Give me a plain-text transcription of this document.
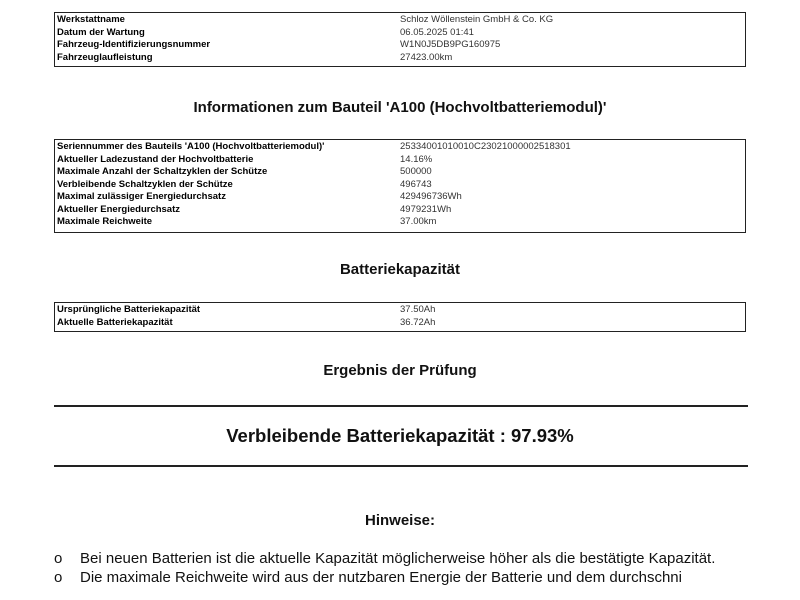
Werkstattname	Schloz Wöllenstein GmbH & Co. KG
Datum der Wartung	06.05.2025 01:41
Fahrzeug-Identifizierungsnummer	W1N0J5DB9PG160975
Fahrzeuglaufleistung	27423.00km
Informationen zum Bauteil 'A100 (Hochvoltbatteriemodul)'
Seriennummer des Bauteils 'A100 (Hochvoltbatteriemodul)'	25334001010010C230210000025183​01
Aktueller Ladezustand der Hochvoltbatterie	14.16%
Maximale Anzahl der Schaltzyklen der Schütze	500000
Verbleibende Schaltzyklen der Schütze	496743
Maximal zulässiger Energiedurchsatz	429496736Wh
Aktueller Energiedurchsatz	4979231Wh
Maximale Reichweite	37.00km
Batteriekapazität
Ursprüngliche Batteriekapazität	37.50Ah
Aktuelle Batteriekapazität	36.72Ah
Ergebnis der Prüfung
Verbleibende Batteriekapazität : 97.93%
Hinweise:
o	Bei neuen Batterien ist die aktuelle Kapazität möglicherweise höher als die bestätigte Kapazität.
o	Die maximale Reichweite wird aus der nutzbaren Energie der Batterie und dem durchschni
